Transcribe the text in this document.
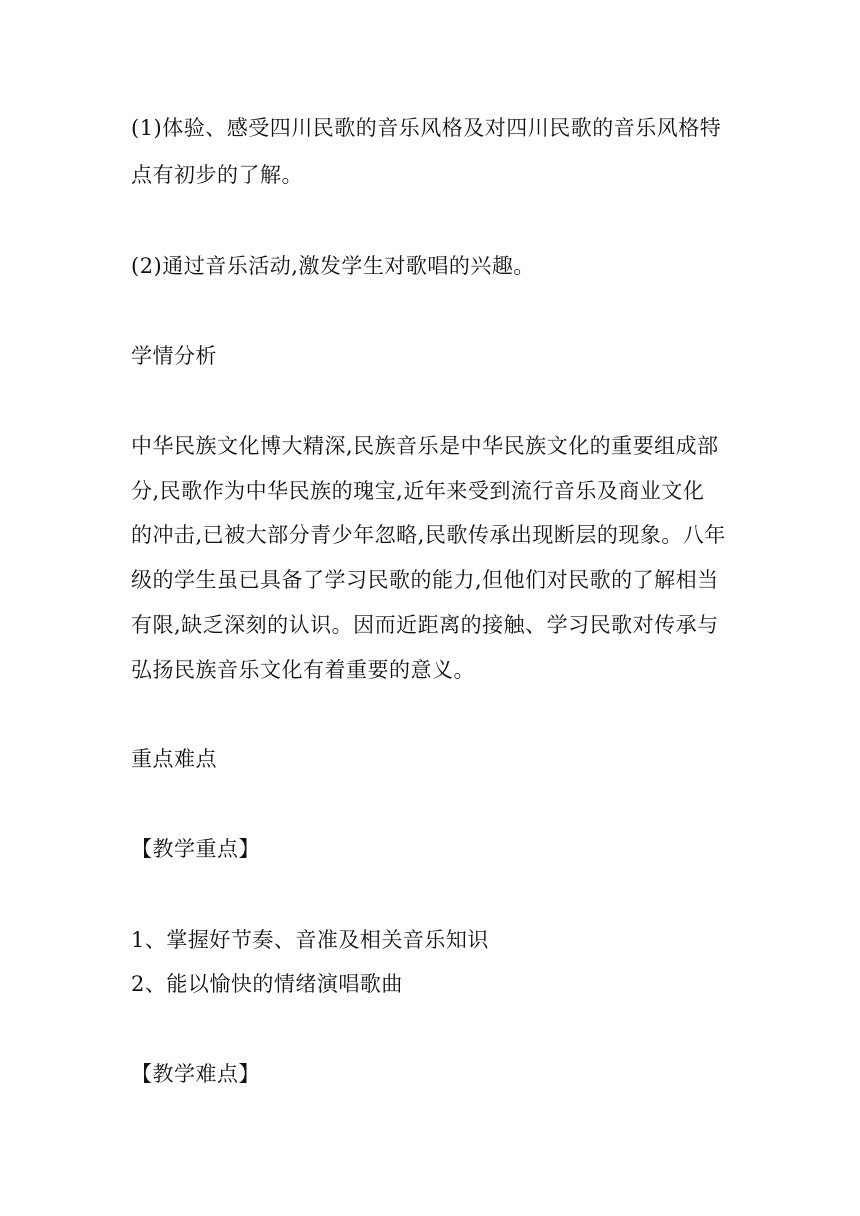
(1)体验、感受四川民歌的音乐风格及对四川民歌的音乐风格特
点有初步的了解。
(2)通过音乐活动,激发学生对歌唱的兴趣。
学情分析
中华民族文化博大精深,民族音乐是中华民族文化的重要组成部
分,民歌作为中华民族的瑰宝,近年来受到流行音乐及商业文化
的冲击,已被大部分青少年忽略,民歌传承出现断层的现象。八年
级的学生虽已具备了学习民歌的能力,但他们对民歌的了解相当
有限,缺乏深刻的认识。因而近距离的接触、学习民歌对传承与
弘扬民族音乐文化有着重要的意义。
重点难点
【教学重点】
1、掌握好节奏、音准及相关音乐知识
2、能以愉快的情绪演唱歌曲
【教学难点】
